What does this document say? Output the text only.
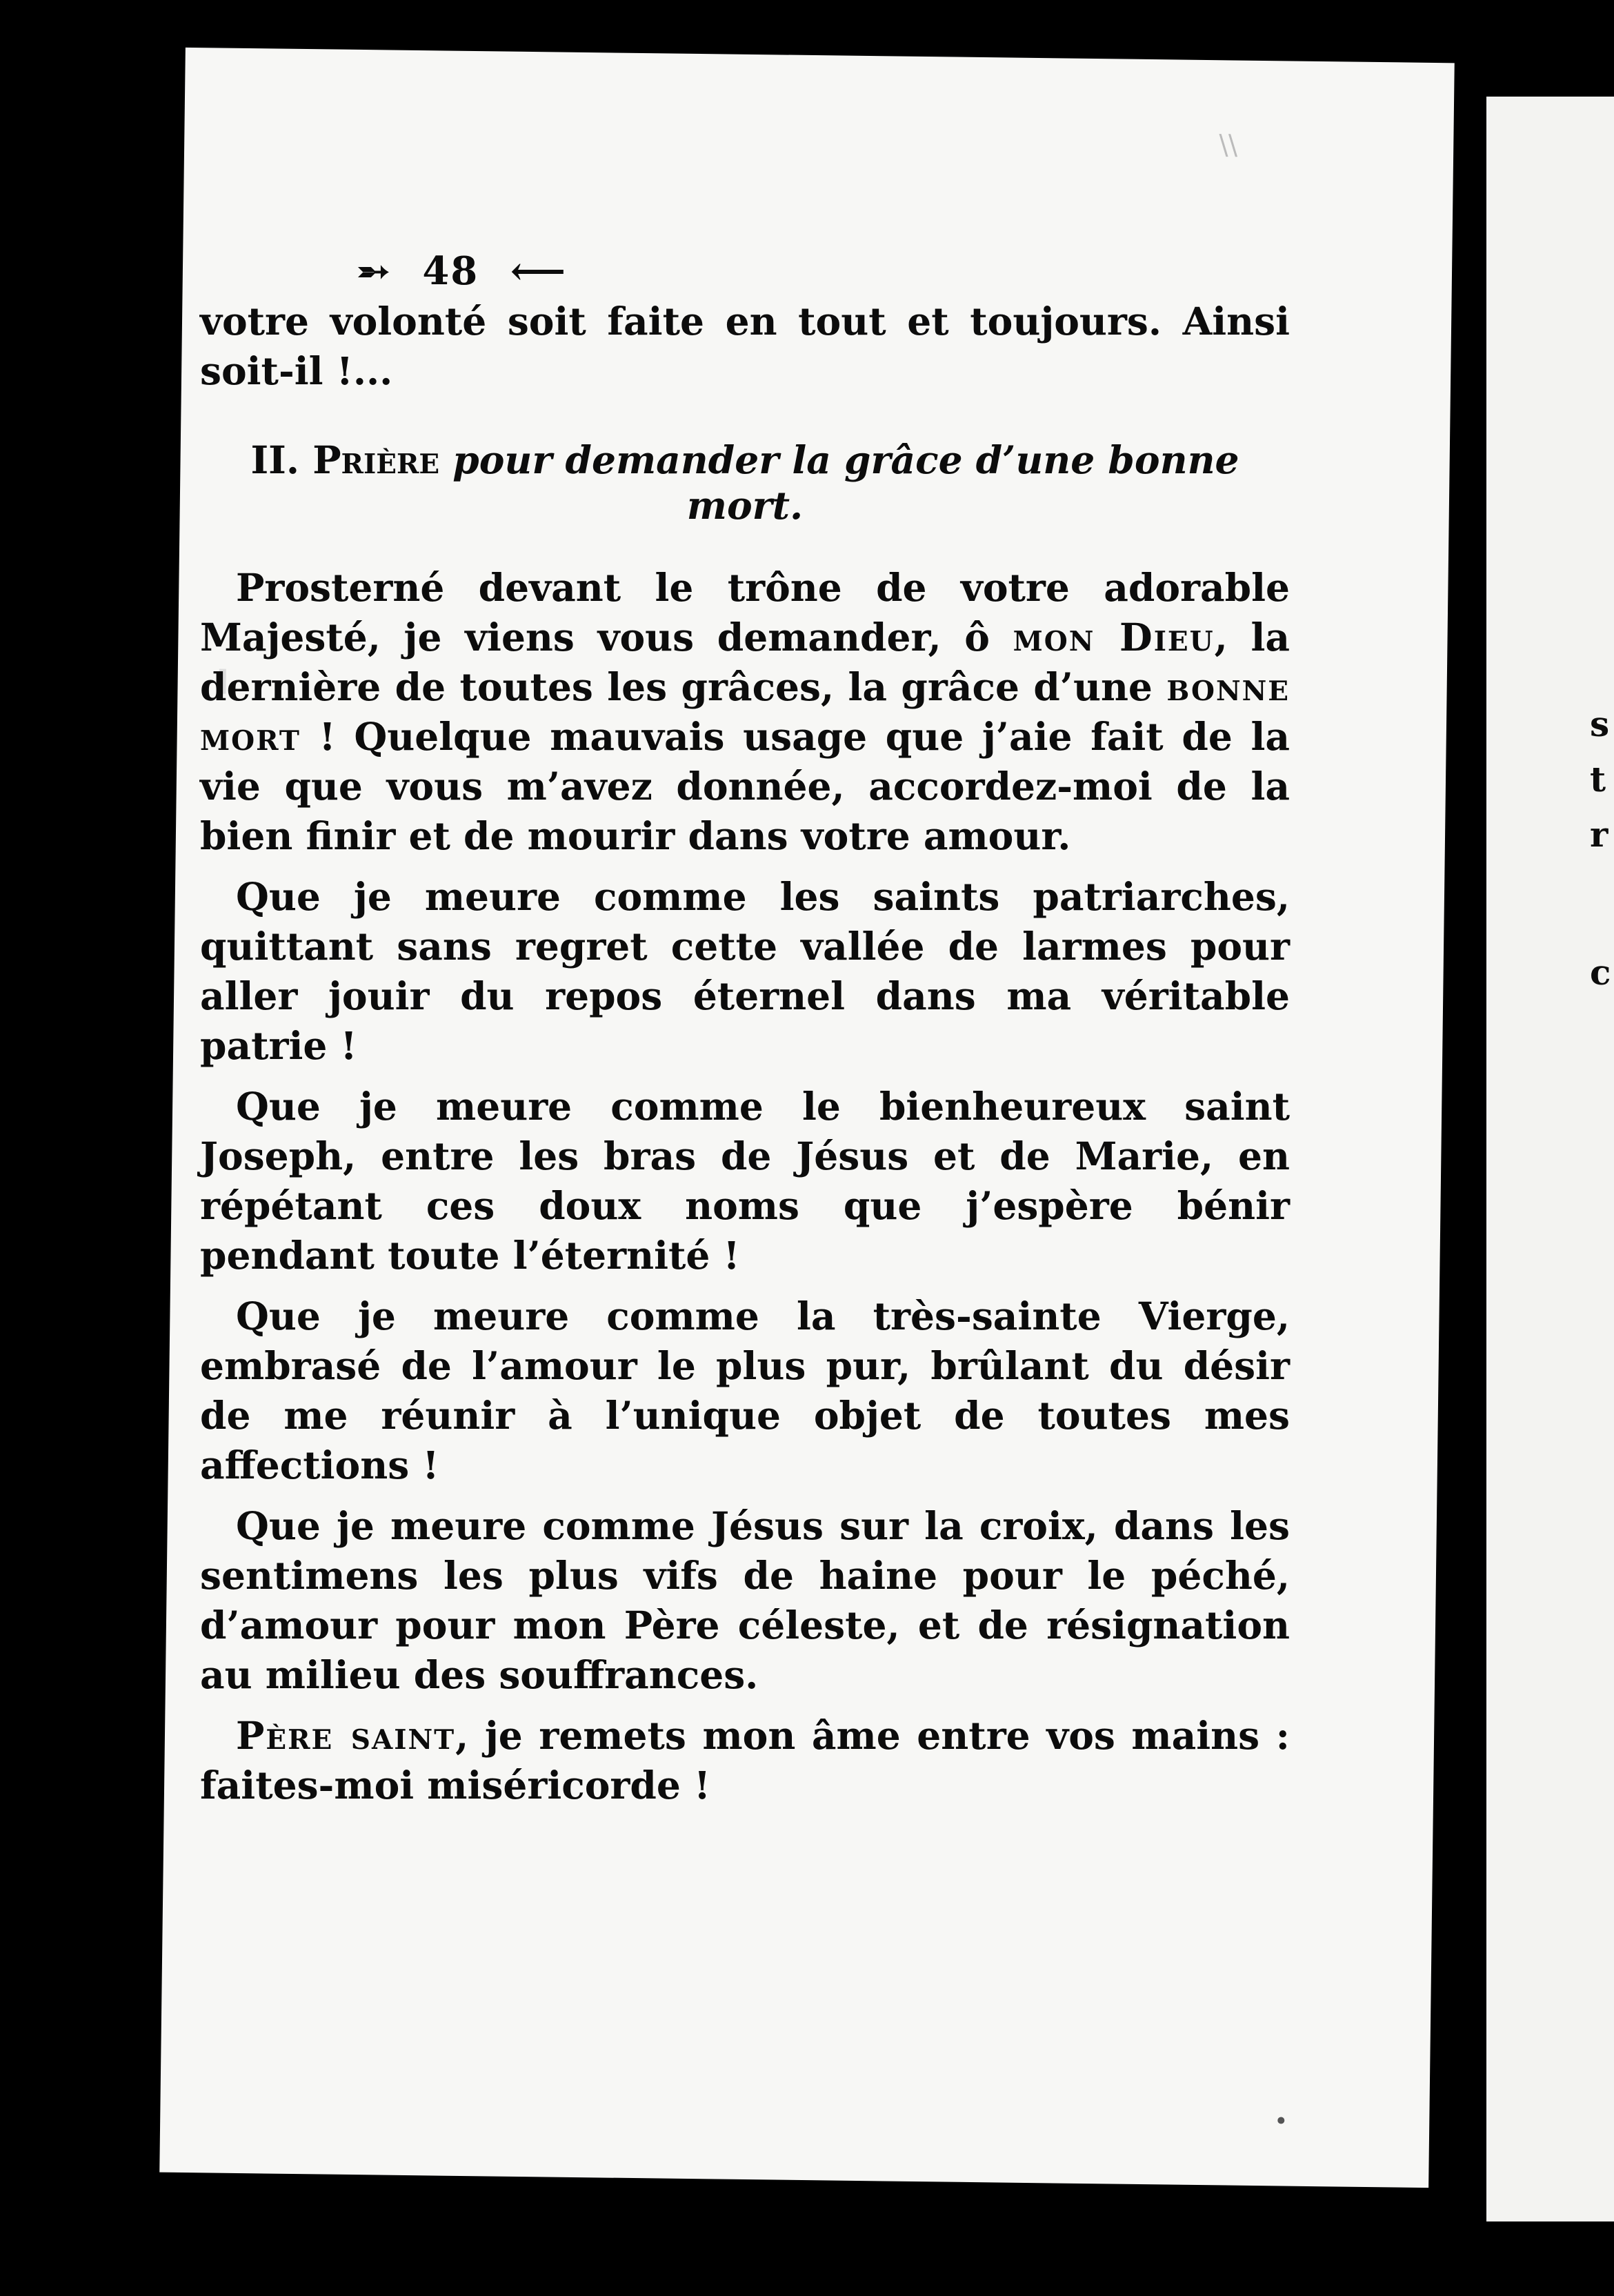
\\
s
t
r
c
➵ 48 ⟵

votre volonté soit faite en tout et toujours. Ainsi soit-il !...

II. Prière pour demander la grâce d’une bonne mort.

Prosterné devant le trône de votre adorable Majesté, je viens vous demander, ô mon Dieu, la dernière de toutes les grâces, la grâce d’une bonne mort ! Quelque mauvais usage que j’aie fait de la vie que vous m’avez donnée, accordez-moi de la bien finir et de mourir dans votre amour.

Que je meure comme les saints patriarches, quittant sans regret cette vallée de larmes pour aller jouir du repos éternel dans ma véritable patrie !

Que je meure comme le bienheureux saint Joseph, entre les bras de Jésus et de Marie, en répétant ces doux noms que j’espère bénir pendant toute l’éternité !

Que je meure comme la très-sainte Vierge, embrasé de l’amour le plus pur, brûlant du désir de me réunir à l’unique objet de toutes mes affections !

Que je meure comme Jésus sur la croix, dans les sentimens les plus vifs de haine pour le péché, d’amour pour mon Père céleste, et de résignation au milieu des souffrances.

Père saint, je remets mon âme entre vos mains : faites-moi miséricorde !
